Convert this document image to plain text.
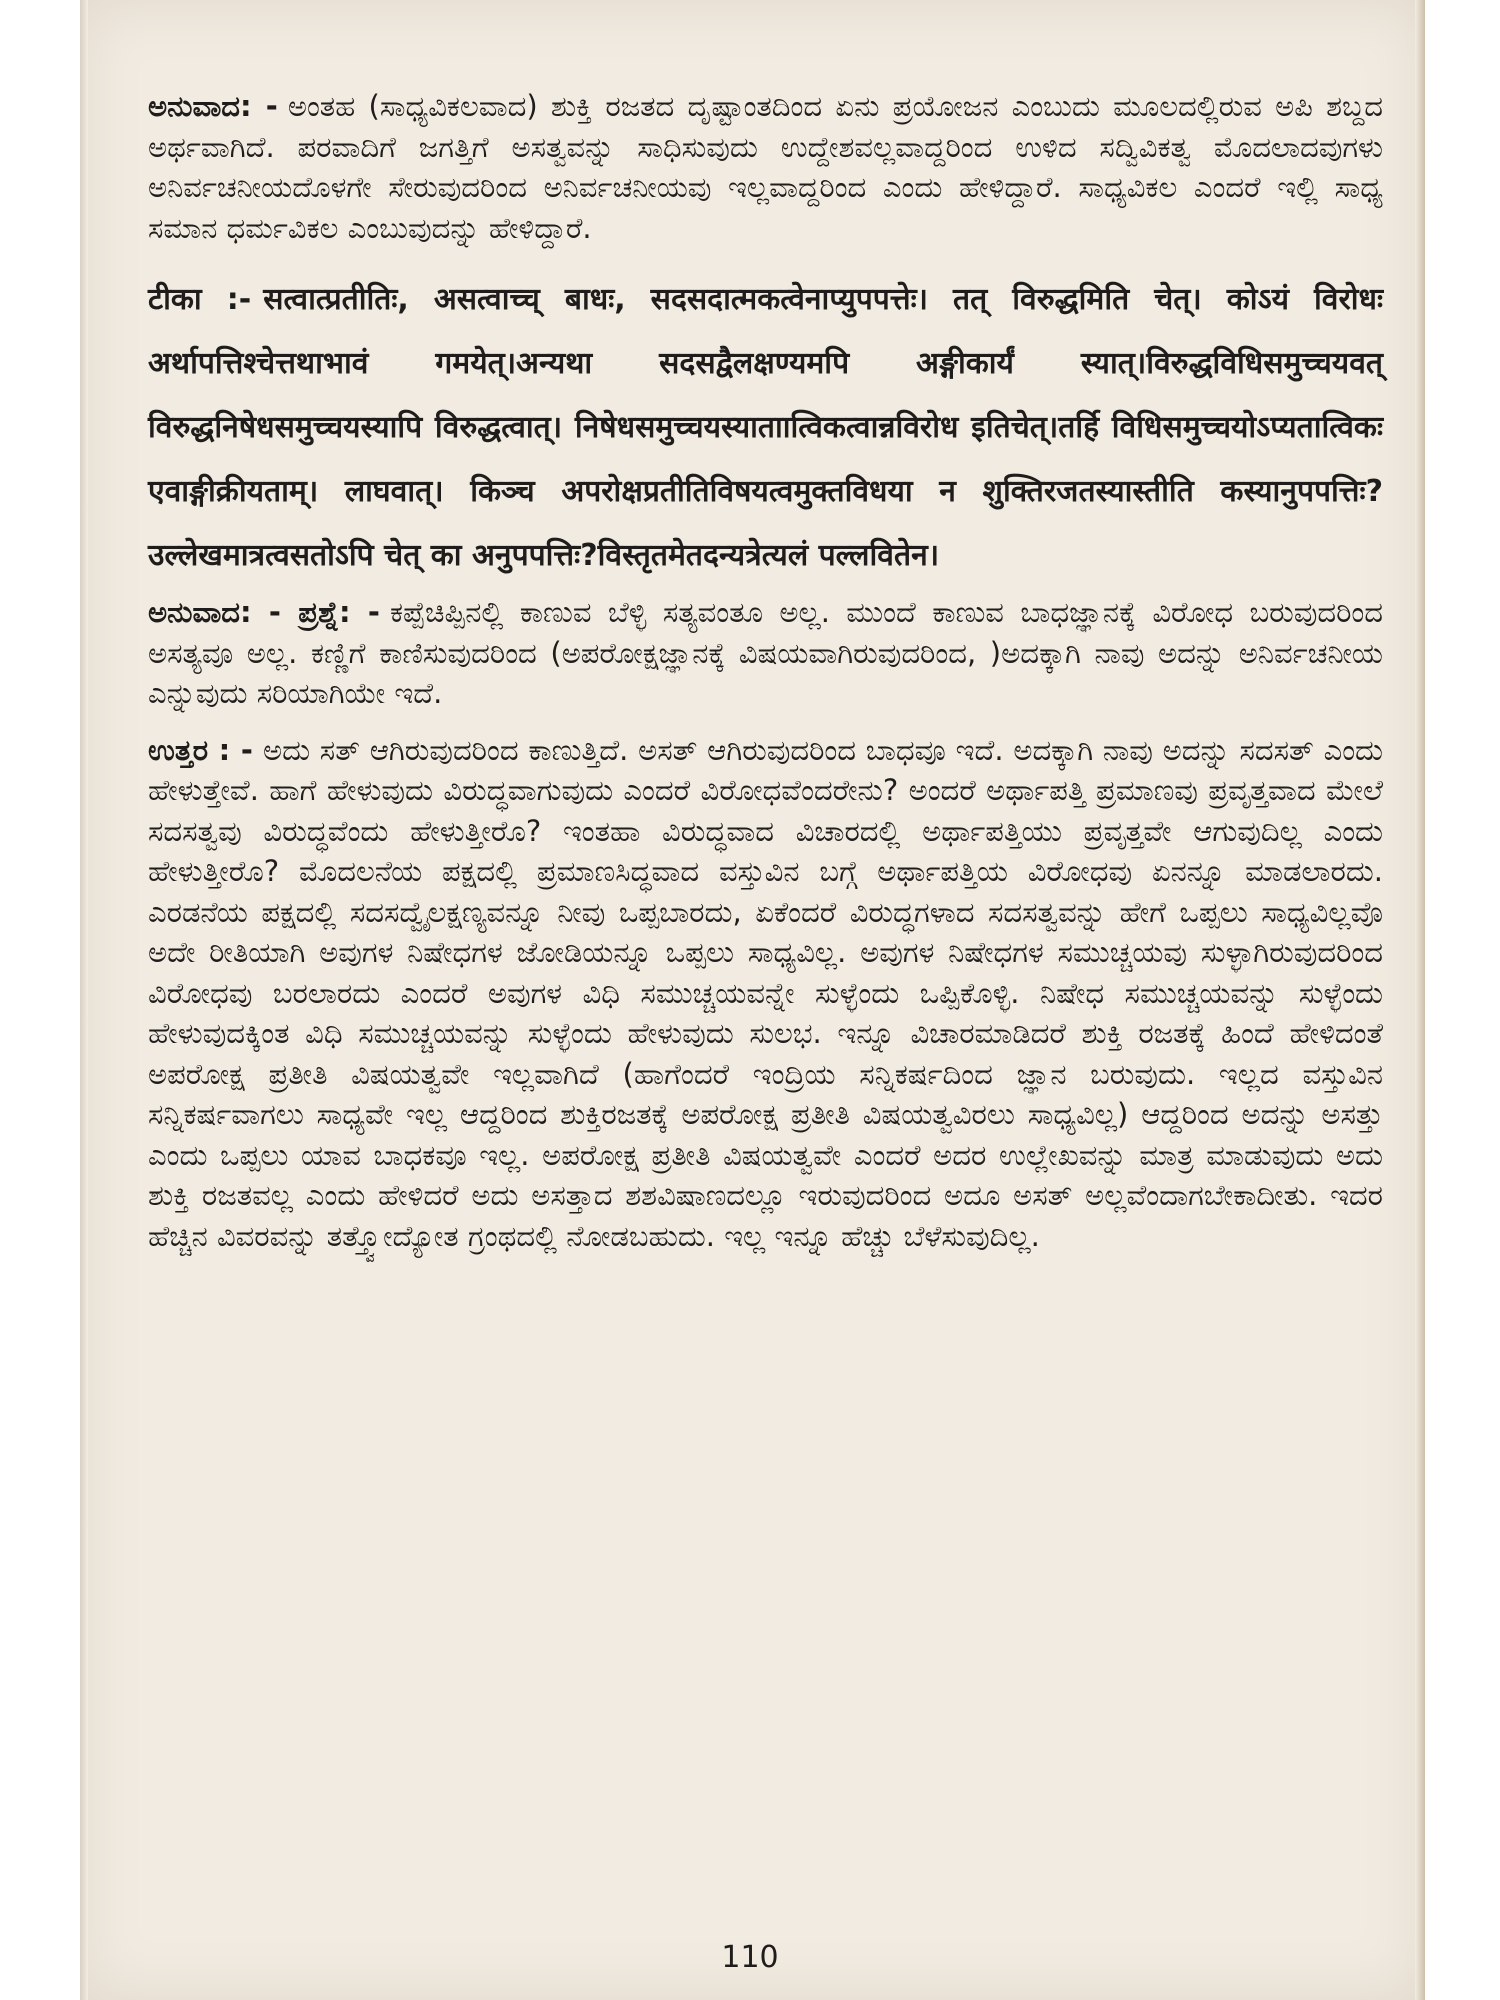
ಅನುವಾದ: - ಅಂತಹ (ಸಾಧ್ಯವಿಕಲವಾದ) ಶುಕ್ತಿ ರಜತದ ದೃಷ್ಟಾಂತದಿಂದ ಏನು ಪ್ರಯೋಜನ ಎಂಬುದು ಮೂಲದಲ್ಲಿರುವ ಅಪಿ ಶಬ್ದದ ಅರ್ಥವಾಗಿದೆ. ಪರವಾದಿಗೆ ಜಗತ್ತಿಗೆ ಅಸತ್ವವನ್ನು ಸಾಧಿಸುವುದು ಉದ್ದೇಶವಲ್ಲವಾದ್ದರಿಂದ ಉಳಿದ ಸದ್ವಿವಿಕತ್ವ ಮೊದಲಾದವುಗಳು ಅನಿರ್ವಚನೀಯದೊಳಗೇ ಸೇರುವುದರಿಂದ ಅನಿರ್ವಚನೀಯವು ಇಲ್ಲವಾದ್ದರಿಂದ ಎಂದು ಹೇಳಿದ್ದಾರೆ. ಸಾಧ್ಯವಿಕಲ ಎಂದರೆ ಇಲ್ಲಿ ಸಾಧ್ಯ ಸಮಾನ ಧರ್ಮವಿಕಲ ಎಂಬುವುದನ್ನು ಹೇಳಿದ್ದಾರೆ.
टीका :- सत्वात्प्रतीतिः, असत्वाच्च् बाधः, सदसदात्मकत्वेनाप्युपपत्तेः। तत् विरुद्धमिति चेत्। कोऽयं विरोधः अर्थापत्तिश्चेत्तथाभावं गमयेत्।अन्यथा सदसद्वैलक्षण्यमपि अङ्गीकार्यं स्यात्।विरुद्धविधिसमुच्चयवत् विरुद्धनिषेधसमुच्चयस्यापि विरुद्धत्वात्। निषेधसमुच्चयस्याताात्विकत्वान्नविरोध इतिचेत्।तर्हि विधिसमुच्चयोऽप्यतात्विकः एवाङ्गीक्रीयताम्। लाघवात्। किञ्च अपरोक्षप्रतीतिविषयत्वमुक्तविधया न शुक्तिरजतस्यास्तीति कस्यानुपपत्तिः? उल्लेखमात्रत्वसतोऽपि चेत् का अनुपपत्तिः?विस्तृतमेतदन्यत्रेत्यलं पल्लवितेन।
ಅನುವಾದ: - ಪ್ರಶ್ನೆ: - ಕಪ್ಪೆಚಿಪ್ಪಿನಲ್ಲಿ ಕಾಣುವ ಬೆಳ್ಳಿ ಸತ್ಯವಂತೂ ಅಲ್ಲ. ಮುಂದೆ ಕಾಣುವ ಬಾಧಜ್ಞಾನಕ್ಕೆ ವಿರೋಧ ಬರುವುದರಿಂದ ಅಸತ್ಯವೂ ಅಲ್ಲ. ಕಣ್ಣಿಗೆ ಕಾಣಿಸುವುದರಿಂದ (ಅಪರೋಕ್ಷಜ್ಞಾನಕ್ಕೆ ವಿಷಯವಾಗಿರುವುದರಿಂದ, )ಅದಕ್ಕಾಗಿ ನಾವು ಅದನ್ನು ಅನಿರ್ವಚನೀಯ ಎನ್ನುವುದು ಸರಿಯಾಗಿಯೇ ಇದೆ.
ಉತ್ತರ : - ಅದು ಸತ್ ಆಗಿರುವುದರಿಂದ ಕಾಣುತ್ತಿದೆ. ಅಸತ್ ಆಗಿರುವುದರಿಂದ ಬಾಧವೂ ಇದೆ. ಅದಕ್ಕಾಗಿ ನಾವು ಅದನ್ನು ಸದಸತ್ ಎಂದು ಹೇಳುತ್ತೇವೆ. ಹಾಗೆ ಹೇಳುವುದು ವಿರುದ್ಧವಾಗುವುದು ಎಂದರೆ ವಿರೋಧವೆಂದರೇನು? ಅಂದರೆ ಅರ್ಥಾಪತ್ತಿ ಪ್ರಮಾಣವು ಪ್ರವೃತ್ತವಾದ ಮೇಲೆ ಸದಸತ್ವವು ವಿರುದ್ಧವೆಂದು ಹೇಳುತ್ತೀರೊ? ಇಂತಹಾ ವಿರುದ್ಧವಾದ ವಿಚಾರದಲ್ಲಿ ಅರ್ಥಾಪತ್ತಿಯು ಪ್ರವೃತ್ತವೇ ಆಗುವುದಿಲ್ಲ ಎಂದು ಹೇಳುತ್ತೀರೊ? ಮೊದಲನೆಯ ಪಕ್ಷದಲ್ಲಿ ಪ್ರಮಾಣಸಿದ್ಧವಾದ ವಸ್ತುವಿನ ಬಗ್ಗೆ ಅರ್ಥಾಪತ್ತಿಯ ವಿರೋಧವು ಏನನ್ನೂ ಮಾಡಲಾರದು. ಎರಡನೆಯ ಪಕ್ಷದಲ್ಲಿ ಸದಸದ್ವೈಲಕ್ಷಣ್ಯವನ್ನೂ ನೀವು ಒಪ್ಪಬಾರದು, ಏಕೆಂದರೆ ವಿರುದ್ಧಗಳಾದ ಸದಸತ್ವವನ್ನು ಹೇಗೆ ಒಪ್ಪಲು ಸಾಧ್ಯವಿಲ್ಲವೊ ಅದೇ ರೀತಿಯಾಗಿ ಅವುಗಳ ನಿಷೇಧಗಳ ಜೋಡಿಯನ್ನೂ ಒಪ್ಪಲು ಸಾಧ್ಯವಿಲ್ಲ. ಅವುಗಳ ನಿಷೇಧಗಳ ಸಮುಚ್ಚಯವು ಸುಳ್ಳಾಗಿರುವುದರಿಂದ ವಿರೋಧವು ಬರಲಾರದು ಎಂದರೆ ಅವುಗಳ ವಿಧಿ ಸಮುಚ್ಚಯವನ್ನೇ ಸುಳ್ಳೆಂದು ಒಪ್ಪಿಕೊಳ್ಳಿ. ನಿಷೇಧ ಸಮುಚ್ಚಯವನ್ನು ಸುಳ್ಳೆಂದು ಹೇಳುವುದಕ್ಕಿಂತ ವಿಧಿ ಸಮುಚ್ಚಯವನ್ನು ಸುಳ್ಳೆಂದು ಹೇಳುವುದು ಸುಲಭ. ಇನ್ನೂ ವಿಚಾರಮಾಡಿದರೆ ಶುಕ್ತಿ ರಜತಕ್ಕೆ ಹಿಂದೆ ಹೇಳಿದಂತೆ ಅಪರೋಕ್ಷ ಪ್ರತೀತಿ ವಿಷಯತ್ವವೇ ಇಲ್ಲವಾಗಿದೆ (ಹಾಗೆಂದರೆ ಇಂದ್ರಿಯ ಸನ್ನಿಕರ್ಷದಿಂದ ಜ್ಞಾನ ಬರುವುದು. ಇಲ್ಲದ ವಸ್ತುವಿನ ಸನ್ನಿಕರ್ಷವಾಗಲು ಸಾಧ್ಯವೇ ಇಲ್ಲ ಆದ್ದರಿಂದ ಶುಕ್ತಿರಜತಕ್ಕೆ ಅಪರೋಕ್ಷ ಪ್ರತೀತಿ ವಿಷಯತ್ವವಿರಲು ಸಾಧ್ಯವಿಲ್ಲ) ಆದ್ದರಿಂದ ಅದನ್ನು ಅಸತ್ತು ಎಂದು ಒಪ್ಪಲು ಯಾವ ಬಾಧಕವೂ ಇಲ್ಲ. ಅಪರೋಕ್ಷ ಪ್ರತೀತಿ ವಿಷಯತ್ವವೇ ಎಂದರೆ ಅದರ ಉಲ್ಲೇಖವನ್ನು ಮಾತ್ರ ಮಾಡುವುದು ಅದು ಶುಕ್ತಿ ರಜತವಲ್ಲ ಎಂದು ಹೇಳಿದರೆ ಅದು ಅಸತ್ತಾದ ಶಶವಿಷಾಣದಲ್ಲೂ ಇರುವುದರಿಂದ ಅದೂ ಅಸತ್ ಅಲ್ಲವೆಂದಾಗಬೇಕಾದೀತು. ಇದರ ಹೆಚ್ಚಿನ ವಿವರವನ್ನು ತತ್ತ್ವೋದ್ಯೋತ ಗ್ರಂಥದಲ್ಲಿ ನೋಡಬಹುದು. ಇಲ್ಲ ಇನ್ನೂ ಹೆಚ್ಚು ಬೆಳೆಸುವುದಿಲ್ಲ.
110
